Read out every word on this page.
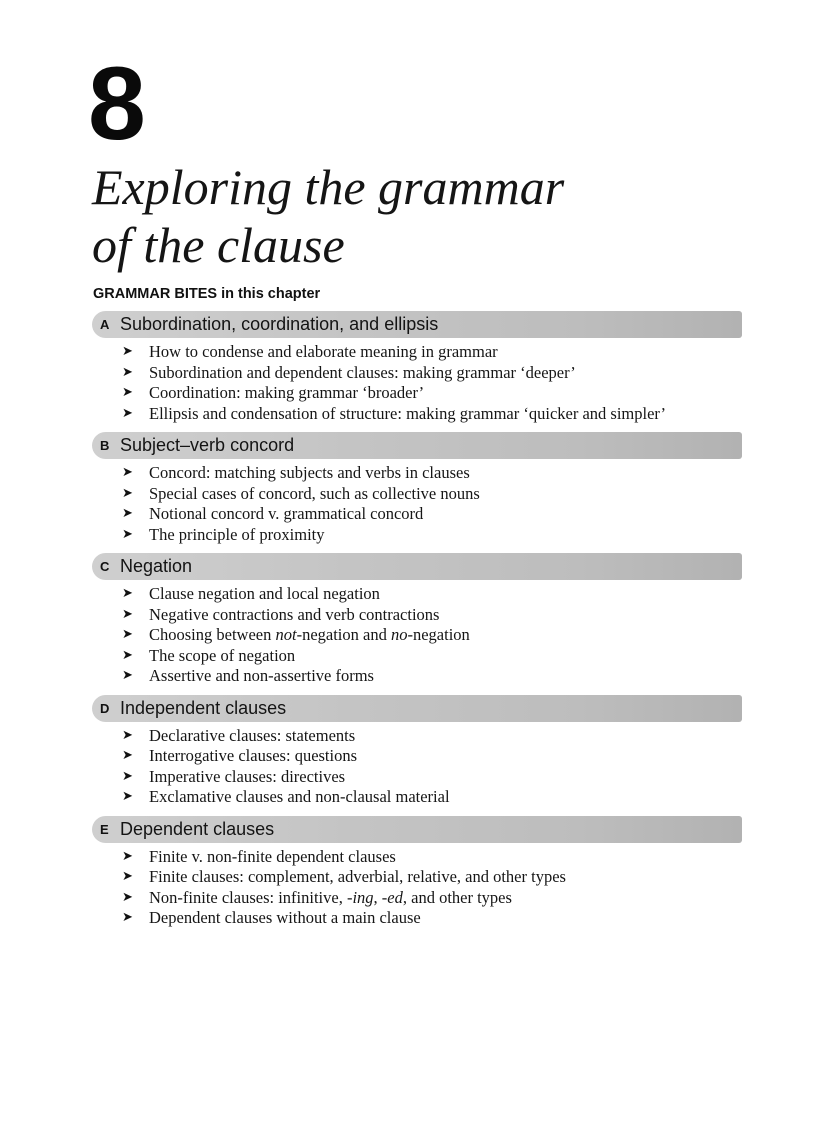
8
Exploring the grammar
of the clause
GRAMMAR BITES in this chapter
A Subordination, coordination, and ellipsis
➤ How to condense and elaborate meaning in grammar
➤ Subordination and dependent clauses: making grammar ‘deeper’
➤ Coordination: making grammar ‘broader’
➤ Ellipsis and condensation of structure: making grammar ‘quicker and simpler’
B Subject–verb concord
➤ Concord: matching subjects and verbs in clauses
➤ Special cases of concord, such as collective nouns
➤ Notional concord v. grammatical concord
➤ The principle of proximity
C Negation
➤ Clause negation and local negation
➤ Negative contractions and verb contractions
➤ Choosing between not-negation and no-negation
➤ The scope of negation
➤ Assertive and non-assertive forms
D Independent clauses
➤ Declarative clauses: statements
➤ Interrogative clauses: questions
➤ Imperative clauses: directives
➤ Exclamative clauses and non-clausal material
E Dependent clauses
➤ Finite v. non-finite dependent clauses
➤ Finite clauses: complement, adverbial, relative, and other types
➤ Non-finite clauses: infinitive, -ing, -ed, and other types
➤ Dependent clauses without a main clause
